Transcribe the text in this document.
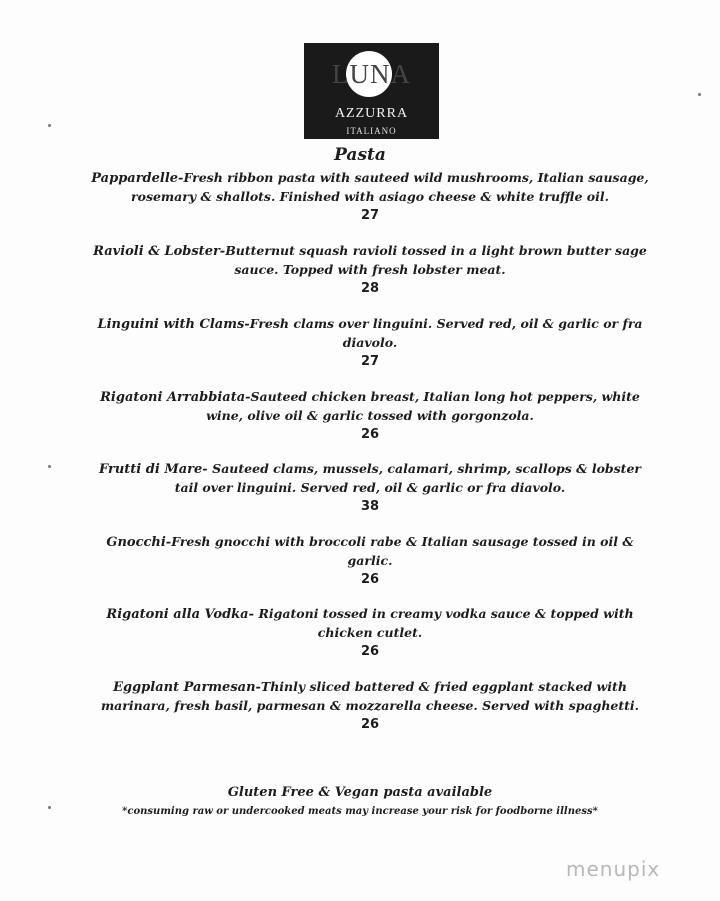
LUNA
AZZURRA
ITALIANO
Pasta
Pappardelle-Fresh ribbon pasta with sauteed wild mushrooms, Italian sausage, rosemary & shallots. Finished with asiago cheese & white truffle oil.
27
Ravioli & Lobster-Butternut squash ravioli tossed in a light brown butter sage sauce. Topped with fresh lobster meat.
28
Linguini with Clams-Fresh clams over linguini. Served red, oil & garlic or fra diavolo.
27
Rigatoni Arrabbiata-Sauteed chicken breast, Italian long hot peppers, white wine, olive oil & garlic tossed with gorgonzola.
26
Frutti di Mare- Sauteed clams, mussels, calamari, shrimp, scallops & lobster tail over linguini. Served red, oil & garlic or fra diavolo.
38
Gnocchi-Fresh gnocchi with broccoli rabe & Italian sausage tossed in oil & garlic.
26
Rigatoni alla Vodka- Rigatoni tossed in creamy vodka sauce & topped with chicken cutlet.
26
Eggplant Parmesan-Thinly sliced battered & fried eggplant stacked with marinara, fresh basil, parmesan & mozzarella cheese. Served with spaghetti.
26
Gluten Free & Vegan pasta available
*consuming raw or undercooked meats may increase your risk for foodborne illness*
menupix
